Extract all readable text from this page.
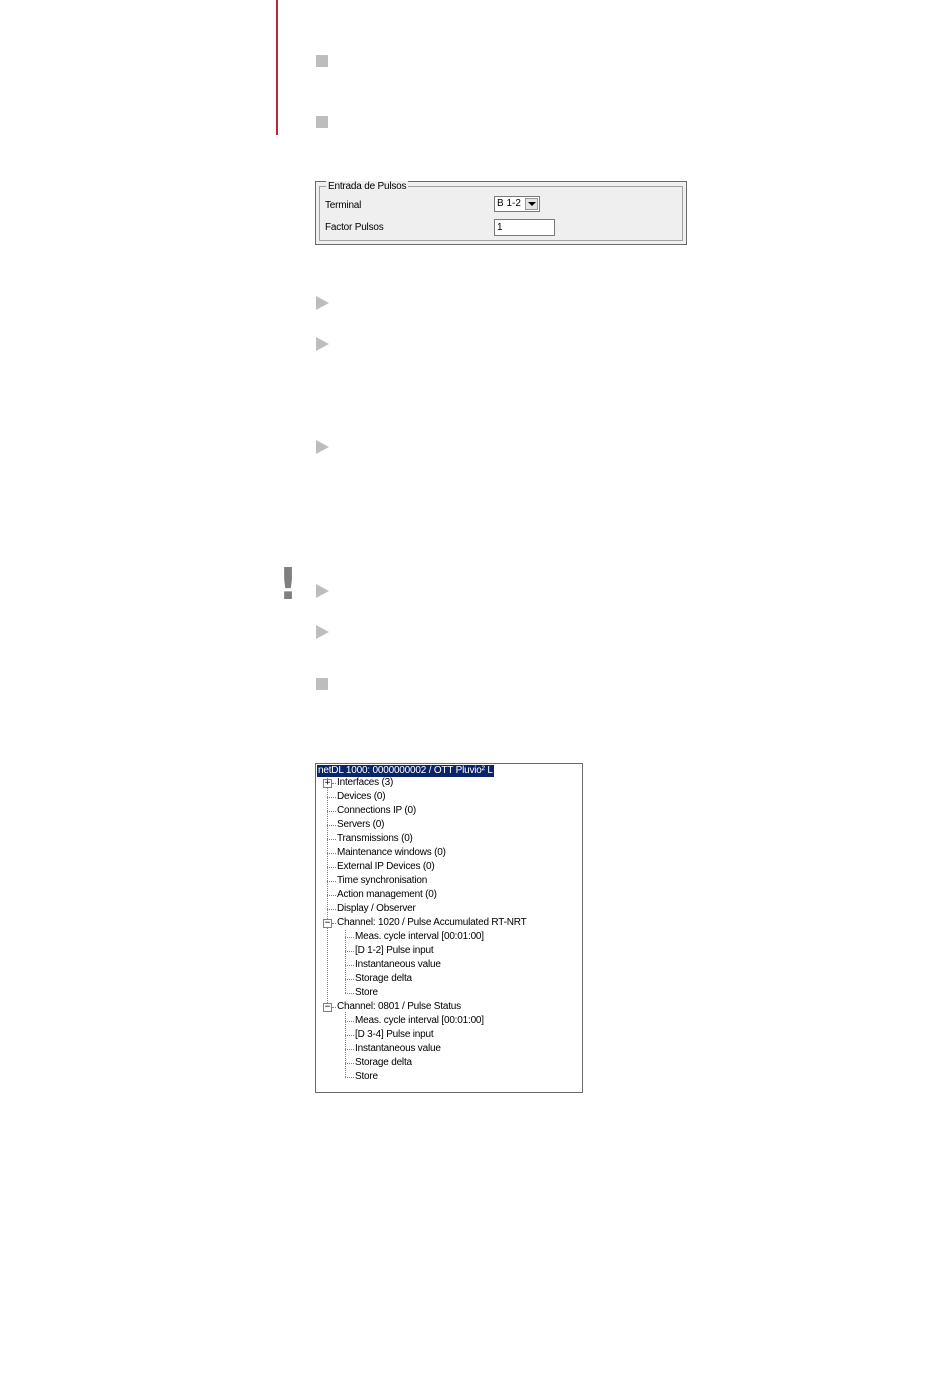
Entrada de Pulsos
Terminal	B 1-2
Factor Pulsos	1
!
netDL 1000: 0000000002 / OTT Pluvio² L
+
−
−
Interfaces (3)
Devices (0)
Connections IP (0)
Servers (0)
Transmissions (0)
Maintenance windows (0)
External IP Devices (0)
Time synchronisation
Action management (0)
Display / Observer
Channel: 1020 / Pulse Accumulated RT-NRT
Meas. cycle interval [00:01:00]
[D 1-2] Pulse input
Instantaneous value
Storage delta
Store
Channel: 0801 / Pulse Status
Meas. cycle interval [00:01:00]
[D 3-4] Pulse input
Instantaneous value
Storage delta
Store
